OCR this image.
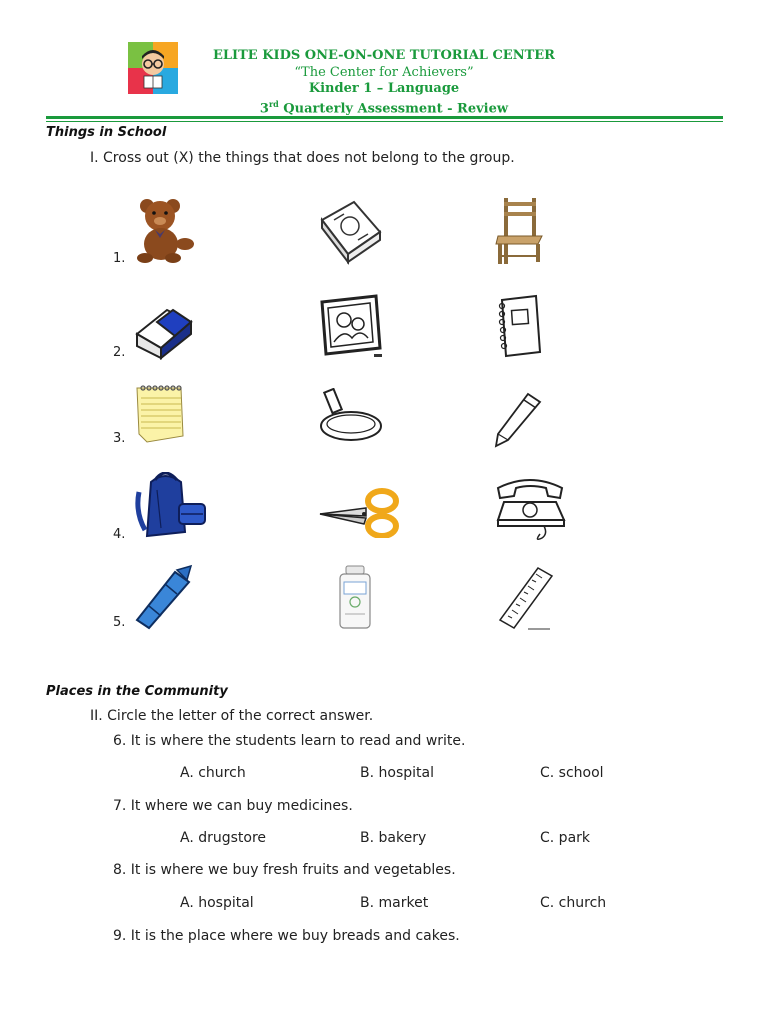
ELITE KIDS ONE-ON-ONE TUTORIAL CENTER
“The Center for Achievers”
Kinder 1 – Language
3rd Quarterly Assessment - Review
Things in School
I. Cross out (X) the things that does not belong to the group.
1.
2.
3.
4.
5.
Places in the Community
II. Circle the letter of the correct answer.
6. It is where the students learn to read and write.
A. church	B. hospital	C. school
7. It where we can buy medicines.
A. drugstore	B. bakery	C. park
8. It is where we buy fresh fruits and vegetables.
A. hospital	B. market	C. church
9. It is the place where we buy breads and cakes.
